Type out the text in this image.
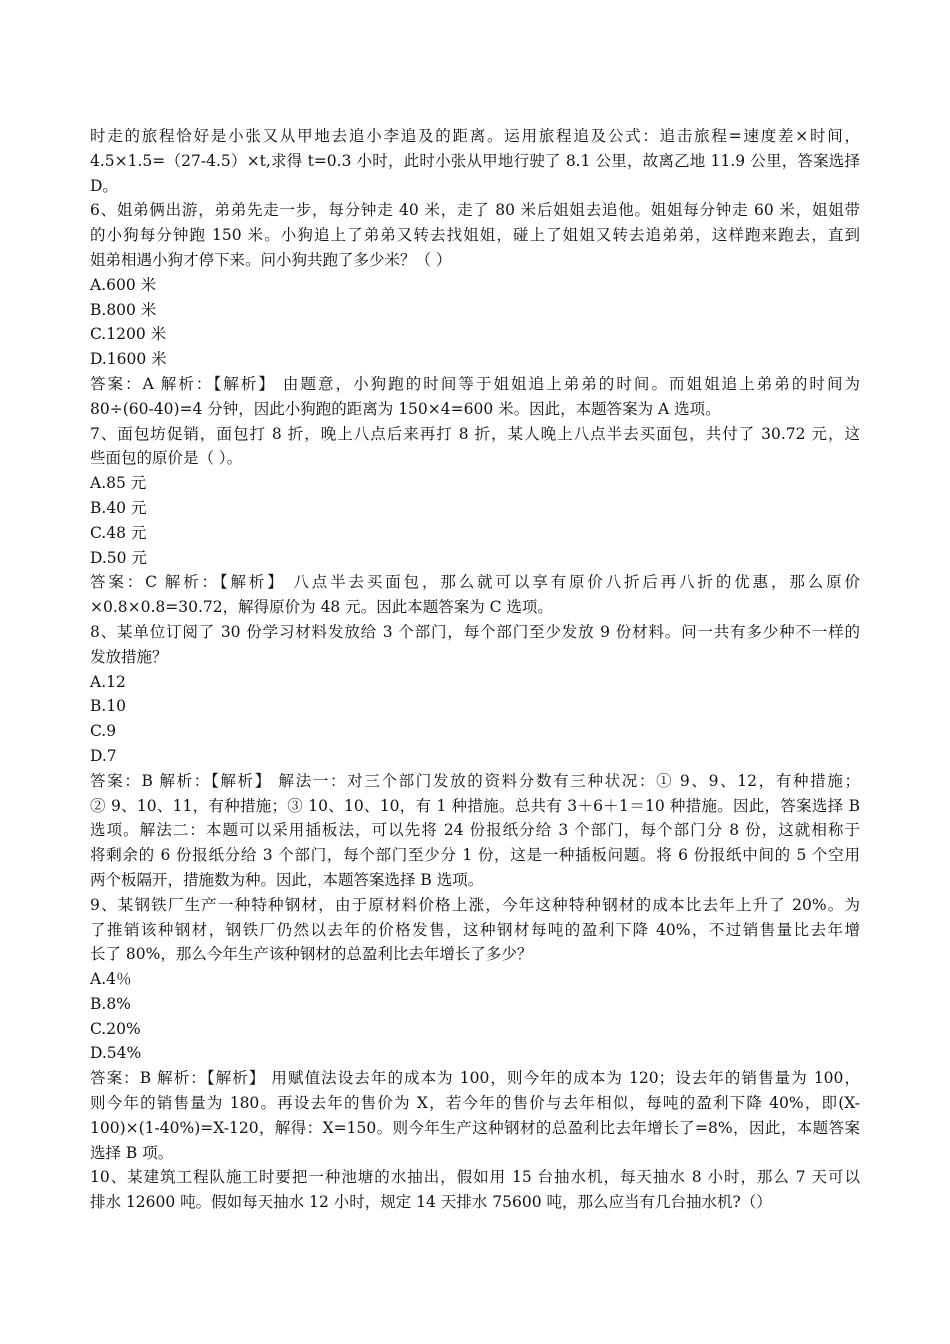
时走的旅程恰好是小张又从甲地去追小李追及的距离。运用旅程追及公式：追击旅程=速度差×时间，
4.5×1.5=（27-4.5）×t,求得 t=0.3 小时，此时小张从甲地行驶了 8.1 公里，故离乙地 11.9 公里，答案选择
D。
6、姐弟俩出游，弟弟先走一步，每分钟走 40 米，走了 80 米后姐姐去追他。姐姐每分钟走 60 米，姐姐带
的小狗每分钟跑 150 米。小狗追上了弟弟又转去找姐姐，碰上了姐姐又转去追弟弟，这样跑来跑去，直到
姐弟相遇小狗才停下来。问小狗共跑了多少米？（ ）
A.600 米
B.800 米
C.1200 米
D.1600 米
答案：A 解析：【解析】 由题意，小狗跑的时间等于姐姐追上弟弟的时间。而姐姐追上弟弟的时间为
80÷(60-40)=4 分钟，因此小狗跑的距离为 150×4=600 米。因此，本题答案为 A 选项。
7、面包坊促销，面包打 8 折，晚上八点后来再打 8 折，某人晚上八点半去买面包，共付了 30.72 元，这
些面包的原价是（ ）。
A.85 元
B.40 元
C.48 元
D.50 元
答案：C 解析：【解析】 八点半去买面包，那么就可以享有原价八折后再八折的优惠，那么原价
×0.8×0.8=30.72，解得原价为 48 元。因此本题答案为 C 选项。
8、某单位订阅了 30 份学习材料发放给 3 个部门，每个部门至少发放 9 份材料。问一共有多少种不一样的
发放措施？
A.12
B.10
C.9
D.7
答案：B 解析：【解析】 解法一：对三个部门发放的资料分数有三种状况：① 9、9、12，有种措施；
② 9、10、11，有种措施；③ 10、10、10，有 1 种措施。总共有 3＋6＋1＝10 种措施。因此，答案选择 B
选项。解法二：本题可以采用插板法，可以先将 24 份报纸分给 3 个部门，每个部门分 8 份，这就相称于
将剩余的 6 份报纸分给 3 个部门，每个部门至少分 1 份，这是一种插板问题。将 6 份报纸中间的 5 个空用
两个板隔开，措施数为种。因此，本题答案选择 B 选项。
9、某钢铁厂生产一种特种钢材，由于原材料价格上涨，今年这种特种钢材的成本比去年上升了 20%。为
了推销该种钢材，钢铁厂仍然以去年的价格发售，这种钢材每吨的盈利下降 40%，不过销售量比去年增
长了 80%，那么今年生产该种钢材的总盈利比去年增长了多少？
A.4％
B.8%
C.20%
D.54%
答案：B 解析：【解析】 用赋值法设去年的成本为 100，则今年的成本为 120；设去年的销售量为 100，
则今年的销售量为 180。再设去年的售价为 X，若今年的售价与去年相似，每吨的盈利下降 40%，即(X-
100)×(1-40%)=X-120，解得：X=150。则今年生产这种钢材的总盈利比去年增长了=8%，因此，本题答案
选择 B 项。
10、某建筑工程队施工时要把一种池塘的水抽出，假如用 15 台抽水机，每天抽水 8 小时，那么 7 天可以
排水 12600 吨。假如每天抽水 12 小时，规定 14 天排水 75600 吨，那么应当有几台抽水机?（）
